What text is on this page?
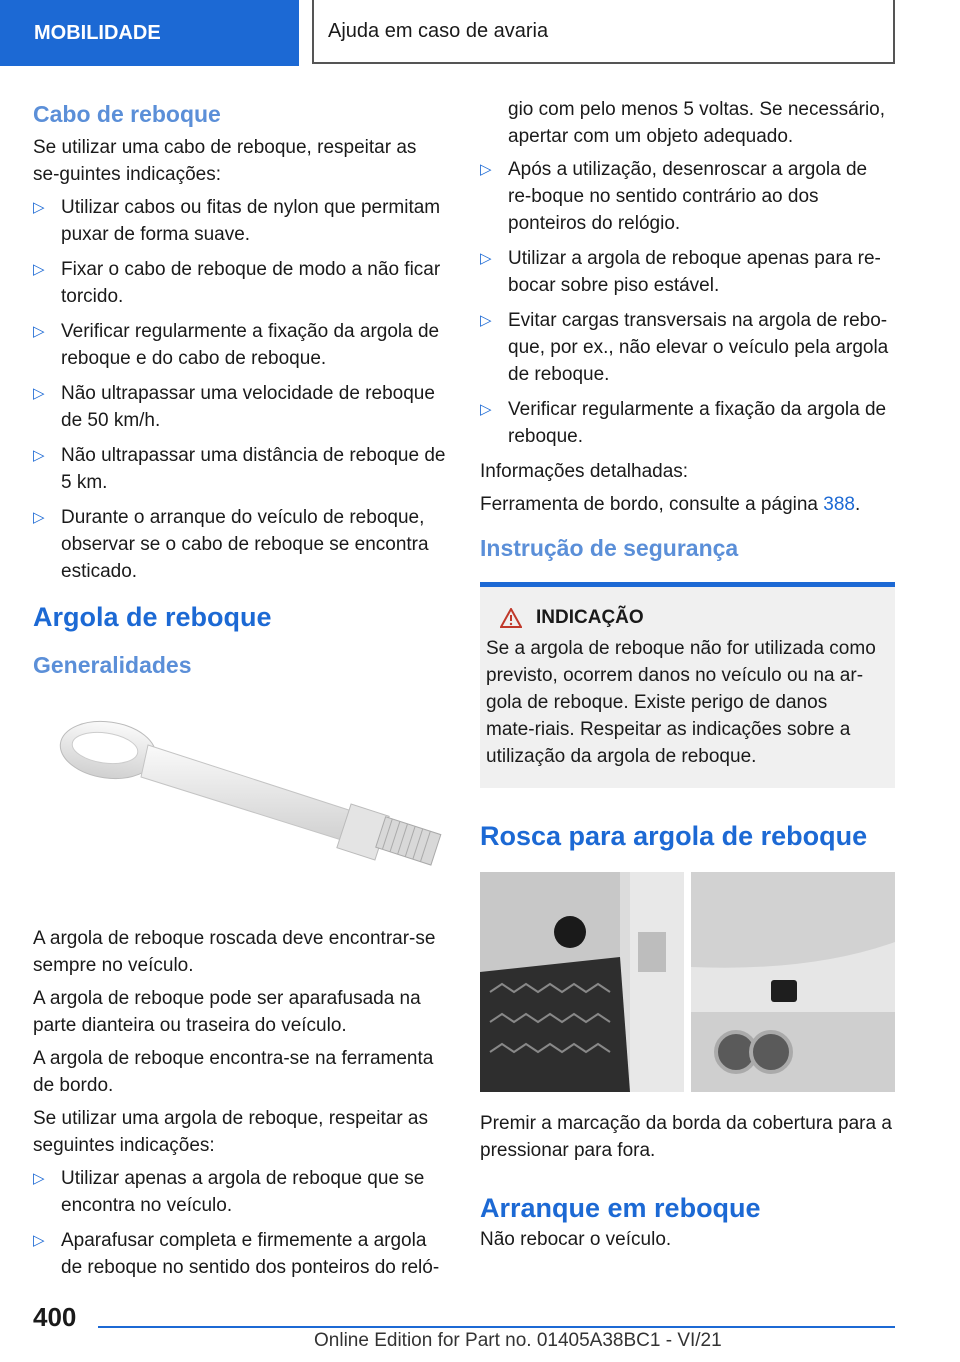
MOBILIDADE	Ajuda em caso de avaria
Cabo de reboque

Se utilizar uma cabo de reboque, respeitar as se-guintes indicações:

▷ Utilizar cabos ou fitas de nylon que permitam puxar de forma suave.
▷ Fixar o cabo de reboque de modo a não ficar torcido.
▷ Verificar regularmente a fixação da argola de reboque e do cabo de reboque.
▷ Não ultrapassar uma velocidade de reboque de 50 km/h.
▷ Não ultrapassar uma distância de reboque de 5 km.
▷ Durante o arranque do veículo de reboque, observar se o cabo de reboque se encontra esticado.
Argola de reboque
Generalidades

A argola de reboque roscada deve encontrar-se sempre no veículo.

A argola de reboque pode ser aparafusada na parte dianteira ou traseira do veículo.

A argola de reboque encontra-se na ferramenta de bordo.

Se utilizar uma argola de reboque, respeitar as seguintes indicações:

▷ Utilizar apenas a argola de reboque que se encontra no veículo.
▷ Aparafusar completa e firmemente a argola de reboque no sentido dos ponteiros do reló-

gio com pelo menos 5 voltas. Se necessário, apertar com um objeto adequado.

▷ Após a utilização, desenroscar a argola de re-boque no sentido contrário ao dos ponteiros do relógio.
▷ Utilizar a argola de reboque apenas para re-bocar sobre piso estável.
▷ Evitar cargas transversais na argola de rebo-que, por ex., não elevar o veículo pela argola de reboque.
▷ Verificar regularmente a fixação da argola de reboque.

Informações detalhadas:

Ferramenta de bordo, consulte a página 388.

Instrução de segurança
INDICAÇÃO

Se a argola de reboque não for utilizada como previsto, ocorrem danos no veículo ou na ar-gola de reboque. Existe perigo de danos mate-riais. Respeitar as indicações sobre a utilização da argola de reboque.

Rosca para argola de reboque

Premir a marcação da borda da cobertura para a pressionar para fora.

Arranque em reboque

Não rebocar o veículo.

400
Online Edition for Part no. 01405A38BC1 - VI/21
